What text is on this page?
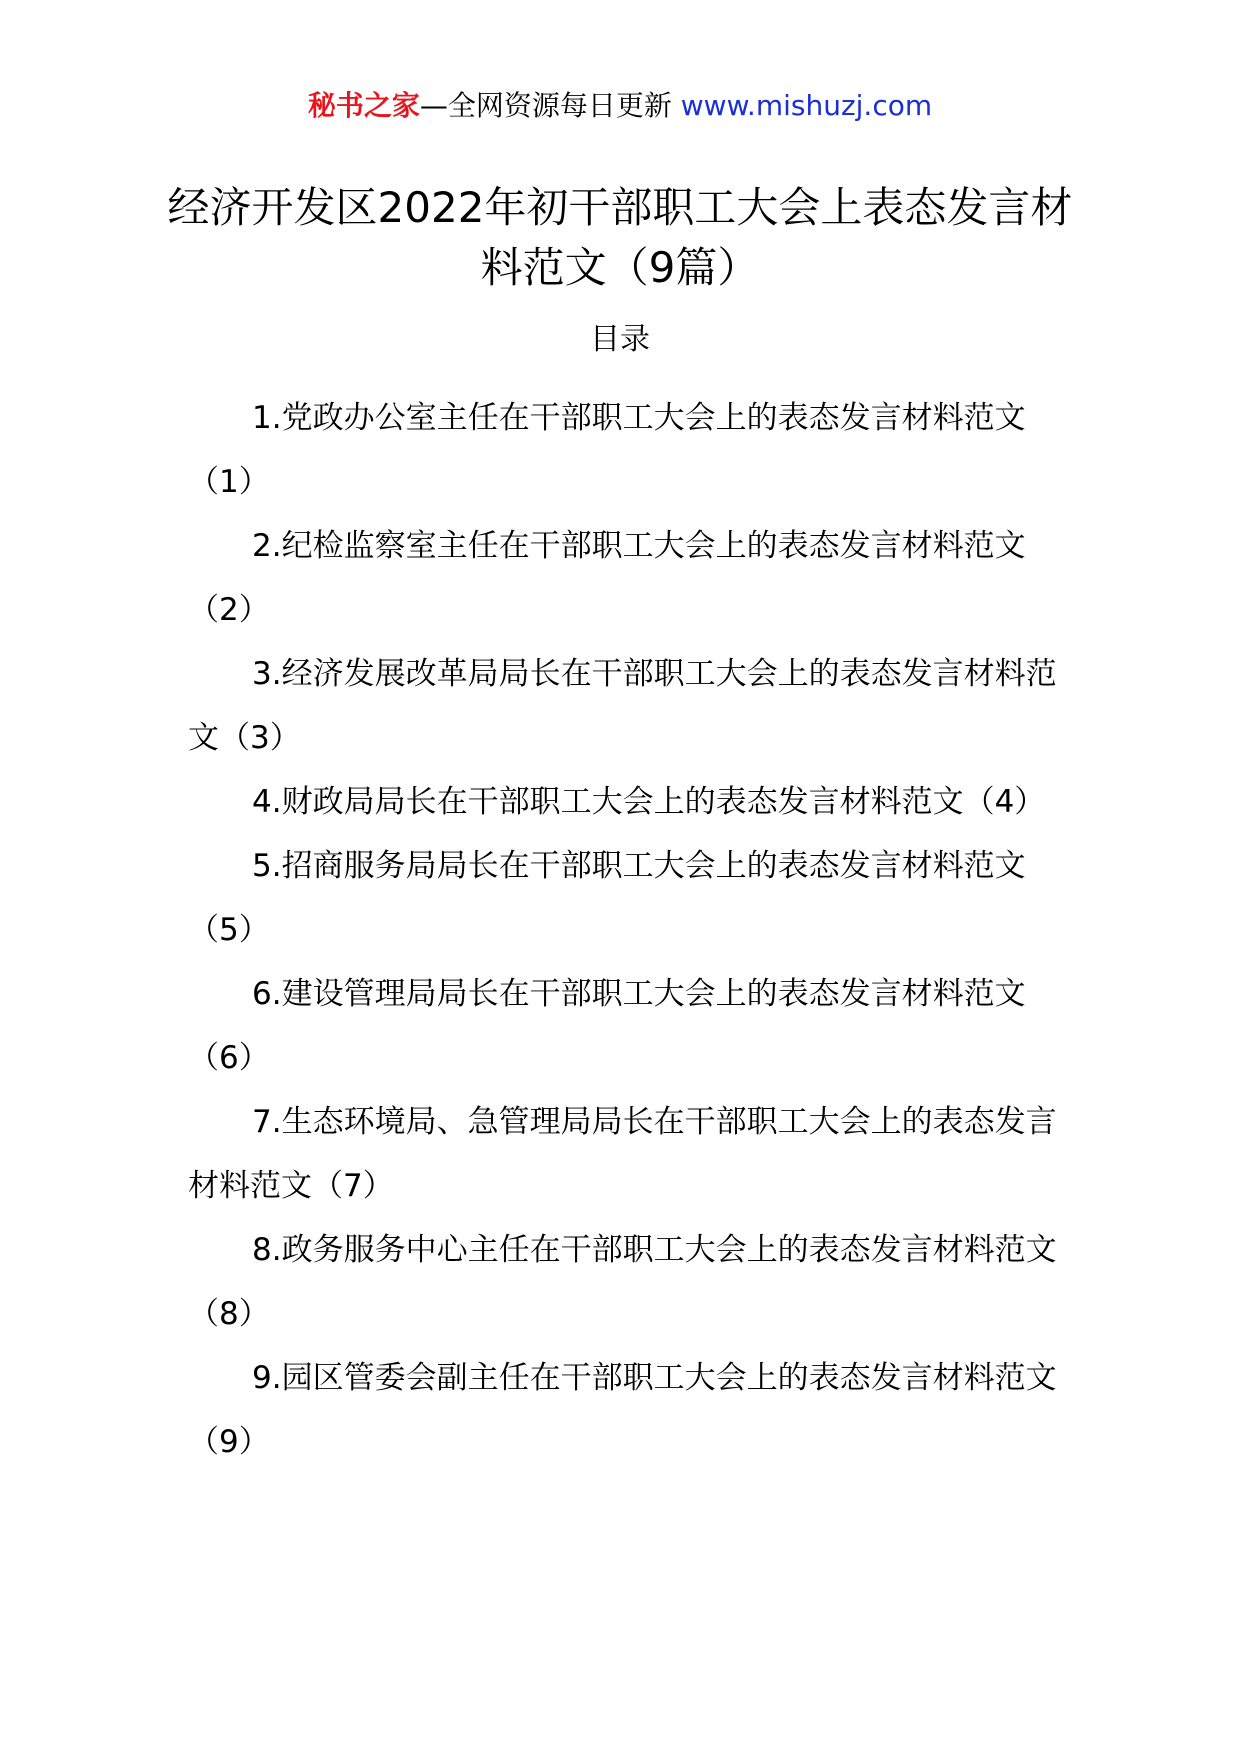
秘书之家—全网资源每日更新 www.mishuzj.com
经济开发区2022年初干部职工大会上表态发言材料范文（9篇）
目录
1.党政办公室主任在干部职工大会上的表态发言材料范文（1）
2.纪检监察室主任在干部职工大会上的表态发言材料范文（2）
3.经济发展改革局局长在干部职工大会上的表态发言材料范文（3）
4.财政局局长在干部职工大会上的表态发言材料范文（4）
5.招商服务局局长在干部职工大会上的表态发言材料范文（5）
6.建设管理局局长在干部职工大会上的表态发言材料范文（6）
7.生态环境局、急管理局局长在干部职工大会上的表态发言材料范文（7）
8.政务服务中心主任在干部职工大会上的表态发言材料范文（8）
9.园区管委会副主任在干部职工大会上的表态发言材料范文（9）
